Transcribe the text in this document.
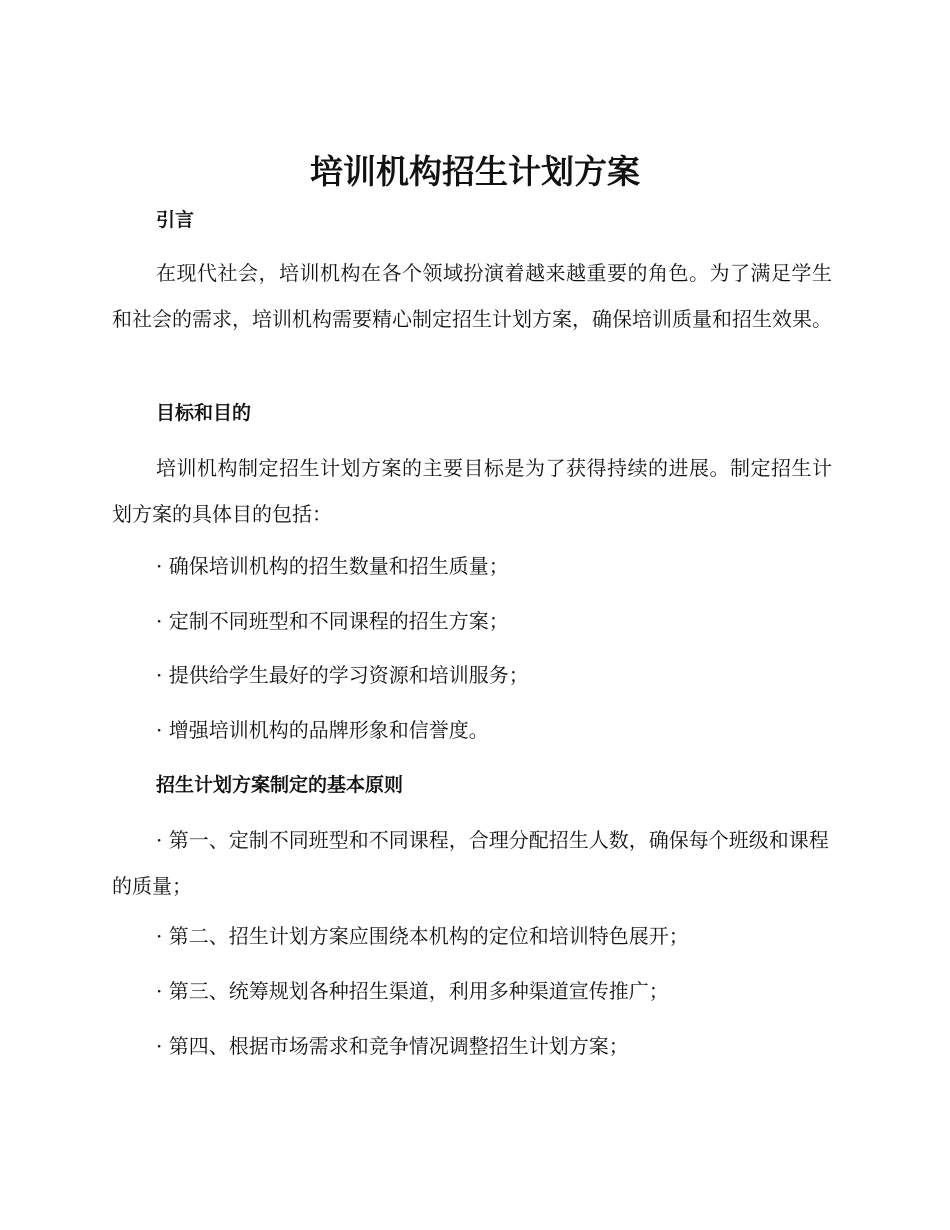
培训机构招生计划方案

引言

在现代社会，培训机构在各个领域扮演着越来越重要的角色。为了满足学生和社会的需求，培训机构需要精心制定招生计划方案，确保培训质量和招生效果。

目标和目的

培训机构制定招生计划方案的主要目标是为了获得持续的进展。制定招生计划方案的具体目的包括：

· 确保培训机构的招生数量和招生质量；

· 定制不同班型和不同课程的招生方案；

· 提供给学生最好的学习资源和培训服务；

· 增强培训机构的品牌形象和信誉度。

招生计划方案制定的基本原则

· 第一、定制不同班型和不同课程，合理分配招生人数，确保每个班级和课程的质量；

· 第二、招生计划方案应围绕本机构的定位和培训特色展开；

· 第三、统筹规划各种招生渠道，利用多种渠道宣传推广；

· 第四、根据市场需求和竞争情况调整招生计划方案；
